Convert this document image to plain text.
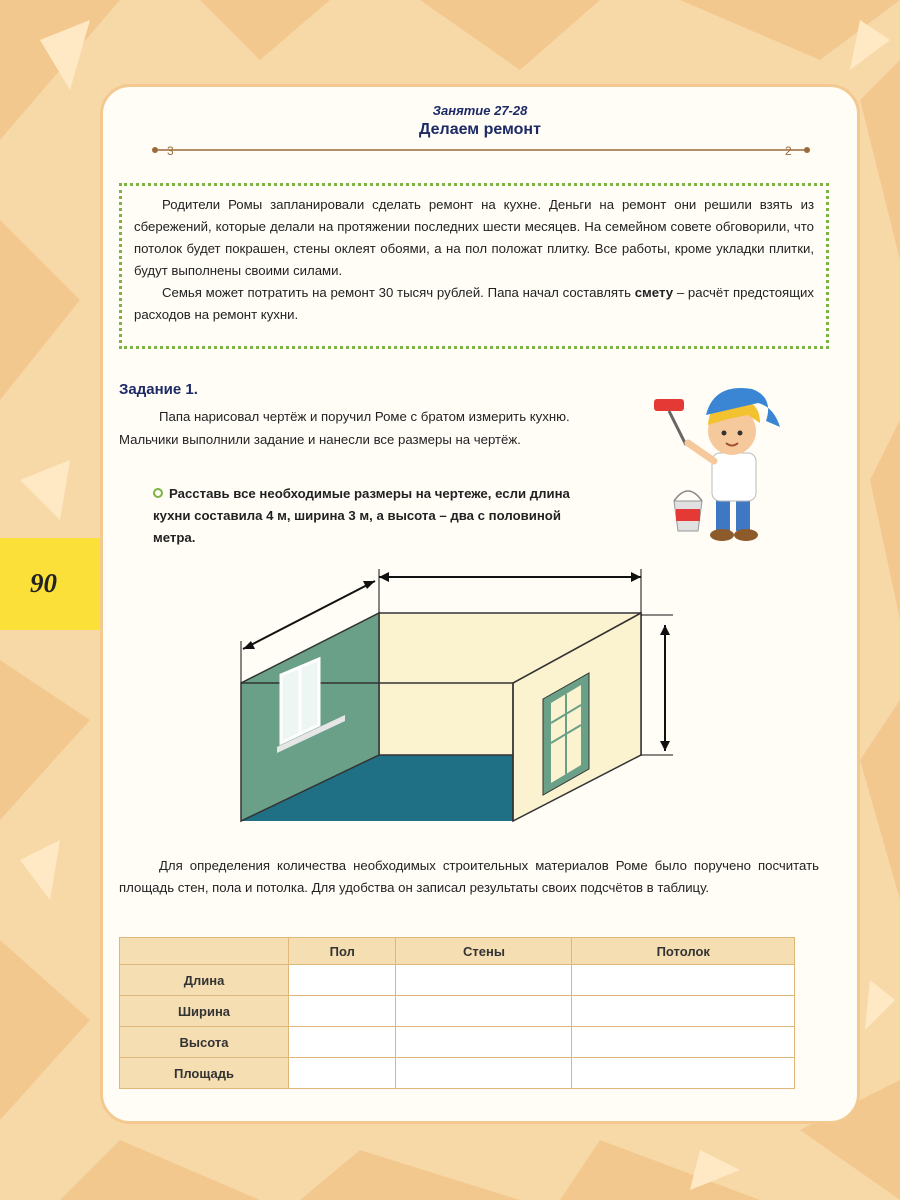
90
Занятие 27-28
Делаем ремонт
3	2

Родители Ромы запланировали сделать ремонт на кухне. Деньги на ремонт они решили взять из сбережений, которые делали на протяжении последних шести месяцев. На семейном совете обговорили, что потолок будет покрашен, стены оклеят обоями, а на пол положат плитку. Все работы, кроме укладки плитки, будут выполнены своими силами.

Семья может потратить на ремонт 30 тысяч рублей. Папа начал составлять смету – расчёт предстоящих расходов на ремонт кухни.

Задание 1.
Папа нарисовал чертёж и поручил Роме с братом измерить кухню. Мальчики выполнили задание и нанесли все размеры на чертёж.
Расставь все необходимые размеры на чертеже, если длина кухни составила 4 м, ширина 3 м, а высота – два с половиной метра.
Для определения количества необходимых строительных материалов Роме было поручено посчитать площадь стен, пола и потолка. Для удобства он записал результаты своих подсчётов в таблицу.
	Пол	Стены	Потолок
Длина			
Ширина			
Высота			
Площадь			
